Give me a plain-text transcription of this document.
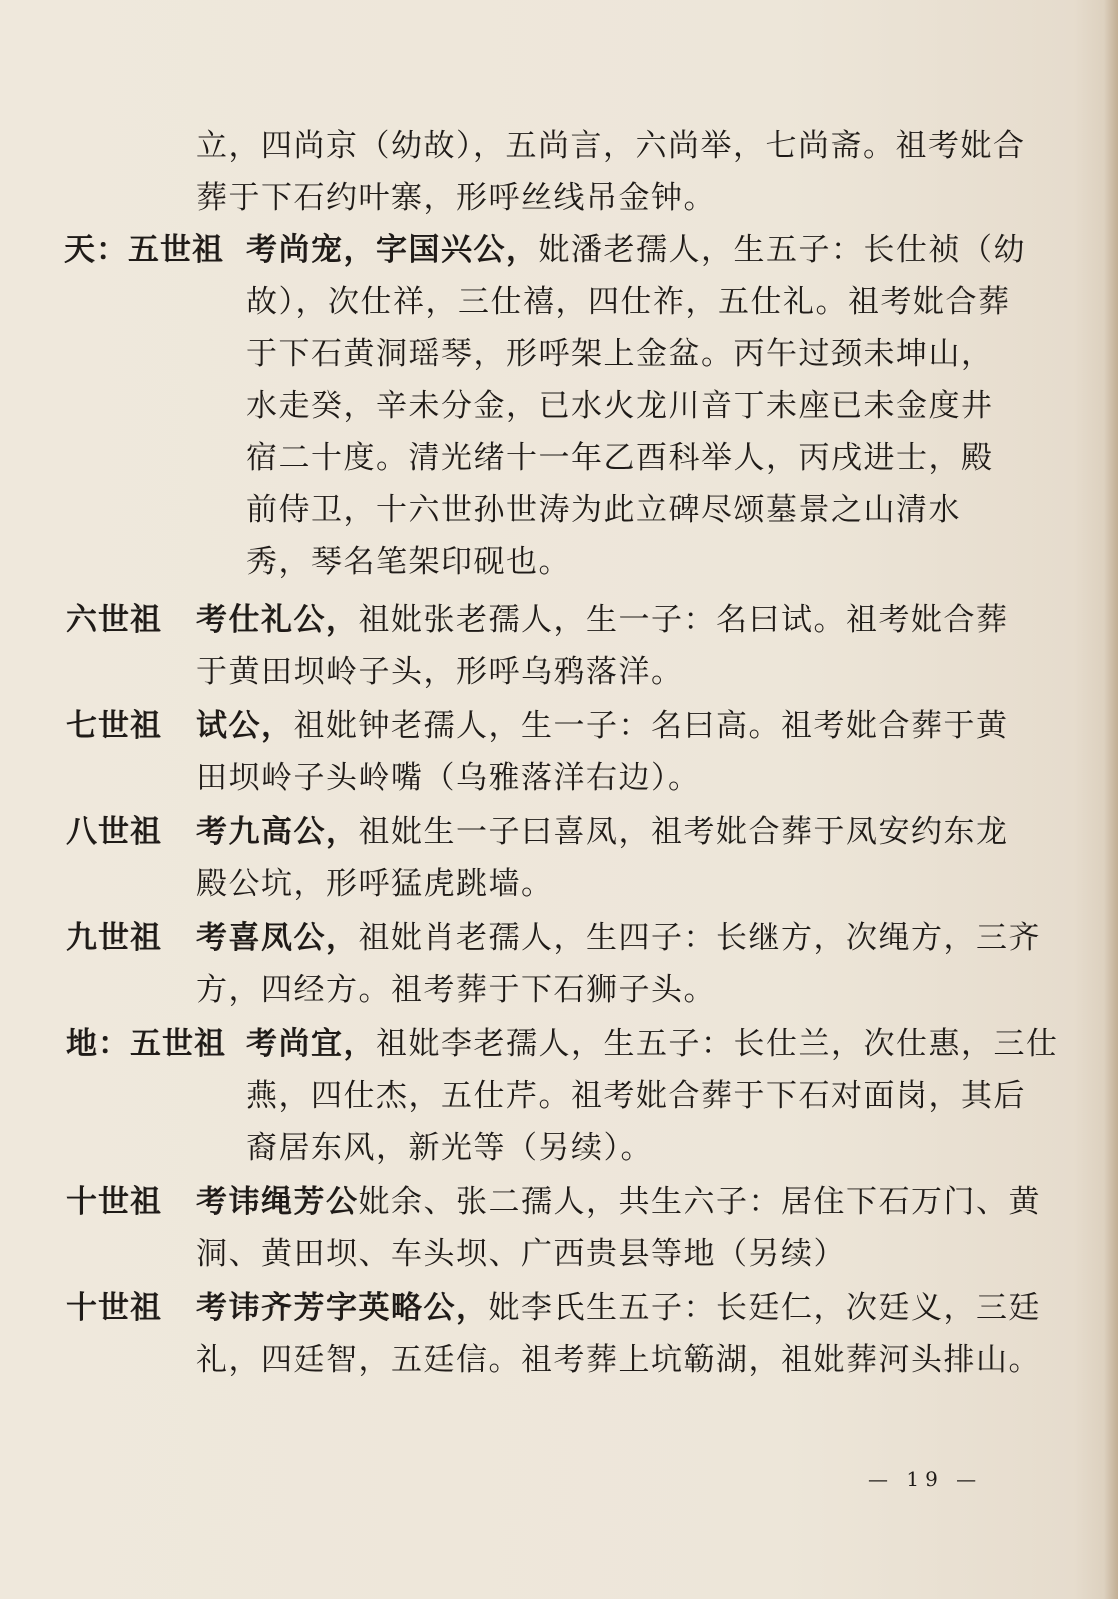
立，四尚京（幼故），五尚言，六尚举，七尚斋。祖考妣合
葬于下石约叶寨，形呼丝线吊金钟。
天：五世祖 考尚宠，字国兴公，妣潘老孺人，生五子：长仕祯（幼
故），次仕祥，三仕禧，四仕祚，五仕礼。祖考妣合葬
于下石黄洞瑶琴，形呼架上金盆。丙午过颈未坤山，
水走癸，辛未分金，已水火龙川音丁未座已未金度井
宿二十度。清光绪十一年乙酉科举人，丙戌进士，殿
前侍卫，十六世孙世涛为此立碑尽颂墓景之山清水
秀，琴名笔架印砚也。
六世祖 考仕礼公，祖妣张老孺人，生一子：名曰试。祖考妣合葬
于黄田坝岭子头，形呼乌鸦落洋。
七世祖 试公，祖妣钟老孺人，生一子：名曰高。祖考妣合葬于黄
田坝岭子头岭嘴（乌雅落洋右边）。
八世祖 考九高公，祖妣生一子曰喜凤，祖考妣合葬于凤安约东龙
殿公坑，形呼猛虎跳墙。
九世祖 考喜凤公，祖妣肖老孺人，生四子：长继方，次绳方，三齐
方，四经方。祖考葬于下石狮子头。
地：五世祖 考尚宜，祖妣李老孺人，生五子：长仕兰，次仕惠，三仕
燕，四仕杰，五仕芹。祖考妣合葬于下石对面岗，其后
裔居东风，新光等（另续）。
十世祖 考讳绳芳公妣余、张二孺人，共生六子：居住下石万门、黄
洞、黄田坝、车头坝、广西贵县等地（另续）
十世祖 考讳齐芳字英略公，妣李氏生五子：长廷仁，次廷义，三廷
礼，四廷智，五廷信。祖考葬上坑簕湖，祖妣葬河头排山。
— 19 —
